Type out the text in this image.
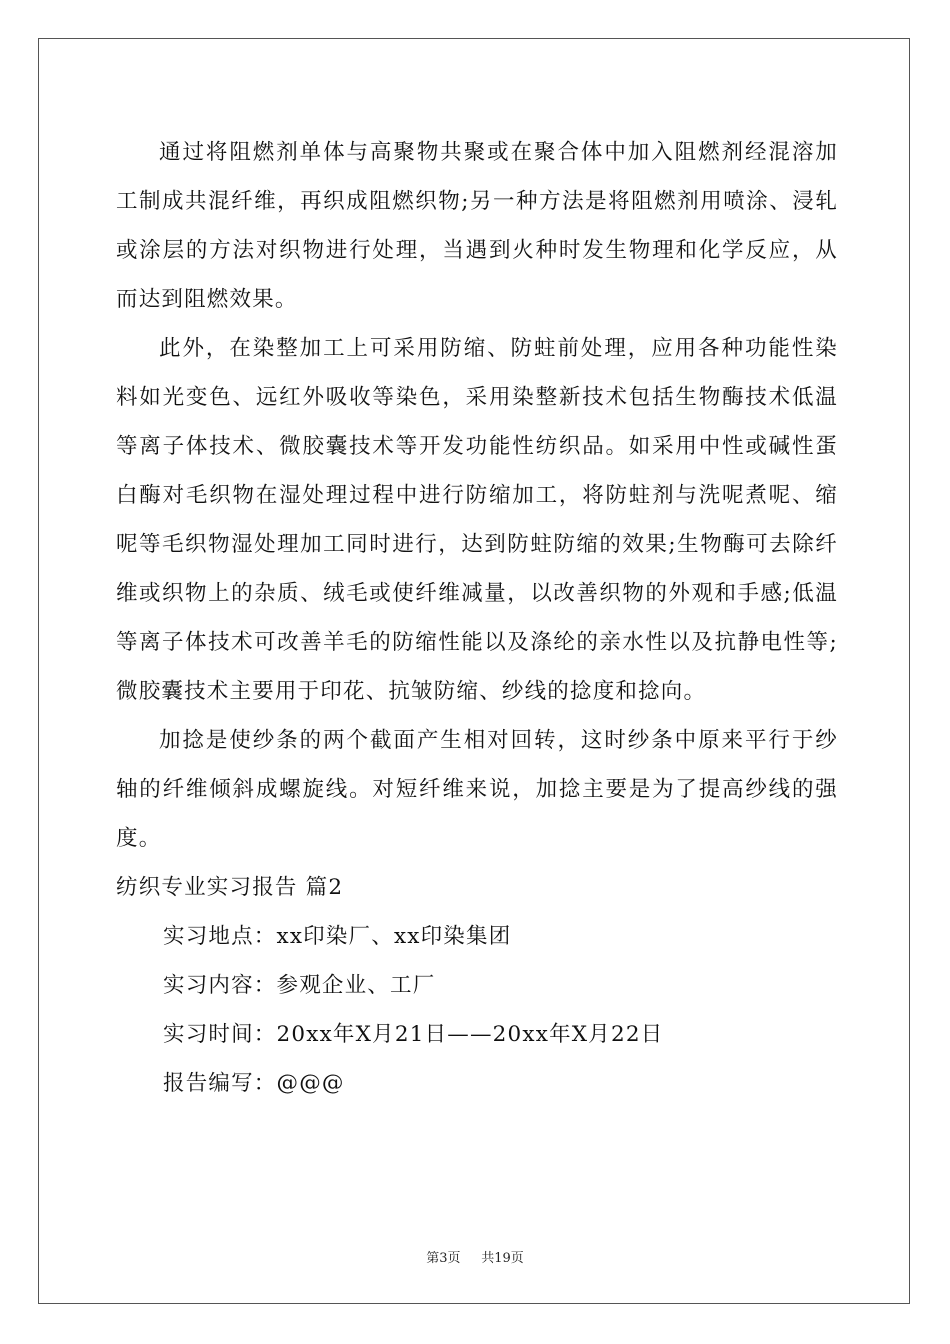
通过将阻燃剂单体与高聚物共聚或在聚合体中加入阻燃剂经混溶加工制成共混纤维，再织成阻燃织物;另一种方法是将阻燃剂用喷涂、浸轧或涂层的方法对织物进行处理，当遇到火种时发生物理和化学反应，从而达到阻燃效果。

此外，在染整加工上可采用防缩、防蛀前处理，应用各种功能性染料如光变色、远红外吸收等染色，采用染整新技术包括生物酶技术低温等离子体技术、微胶囊技术等开发功能性纺织品。如采用中性或碱性蛋白酶对毛织物在湿处理过程中进行防缩加工，将防蛀剂与洗呢煮呢、缩呢等毛织物湿处理加工同时进行，达到防蛀防缩的效果;生物酶可去除纤维或织物上的杂质、绒毛或使纤维减量，以改善织物的外观和手感;低温等离子体技术可改善羊毛的防缩性能以及涤纶的亲水性以及抗静电性等;微胶囊技术主要用于印花、抗皱防缩、纱线的捻度和捻向。

加捻是使纱条的两个截面产生相对回转，这时纱条中原来平行于纱轴的纤维倾斜成螺旋线。对短纤维来说，加捻主要是为了提高纱线的强度。

纺织专业实习报告 篇2

实习地点：xx印染厂、xx印染集团

实习内容：参观企业、工厂

实习时间：20xx年X月21日——20xx年X月22日

报告编写：@@@

第3页 共19页
